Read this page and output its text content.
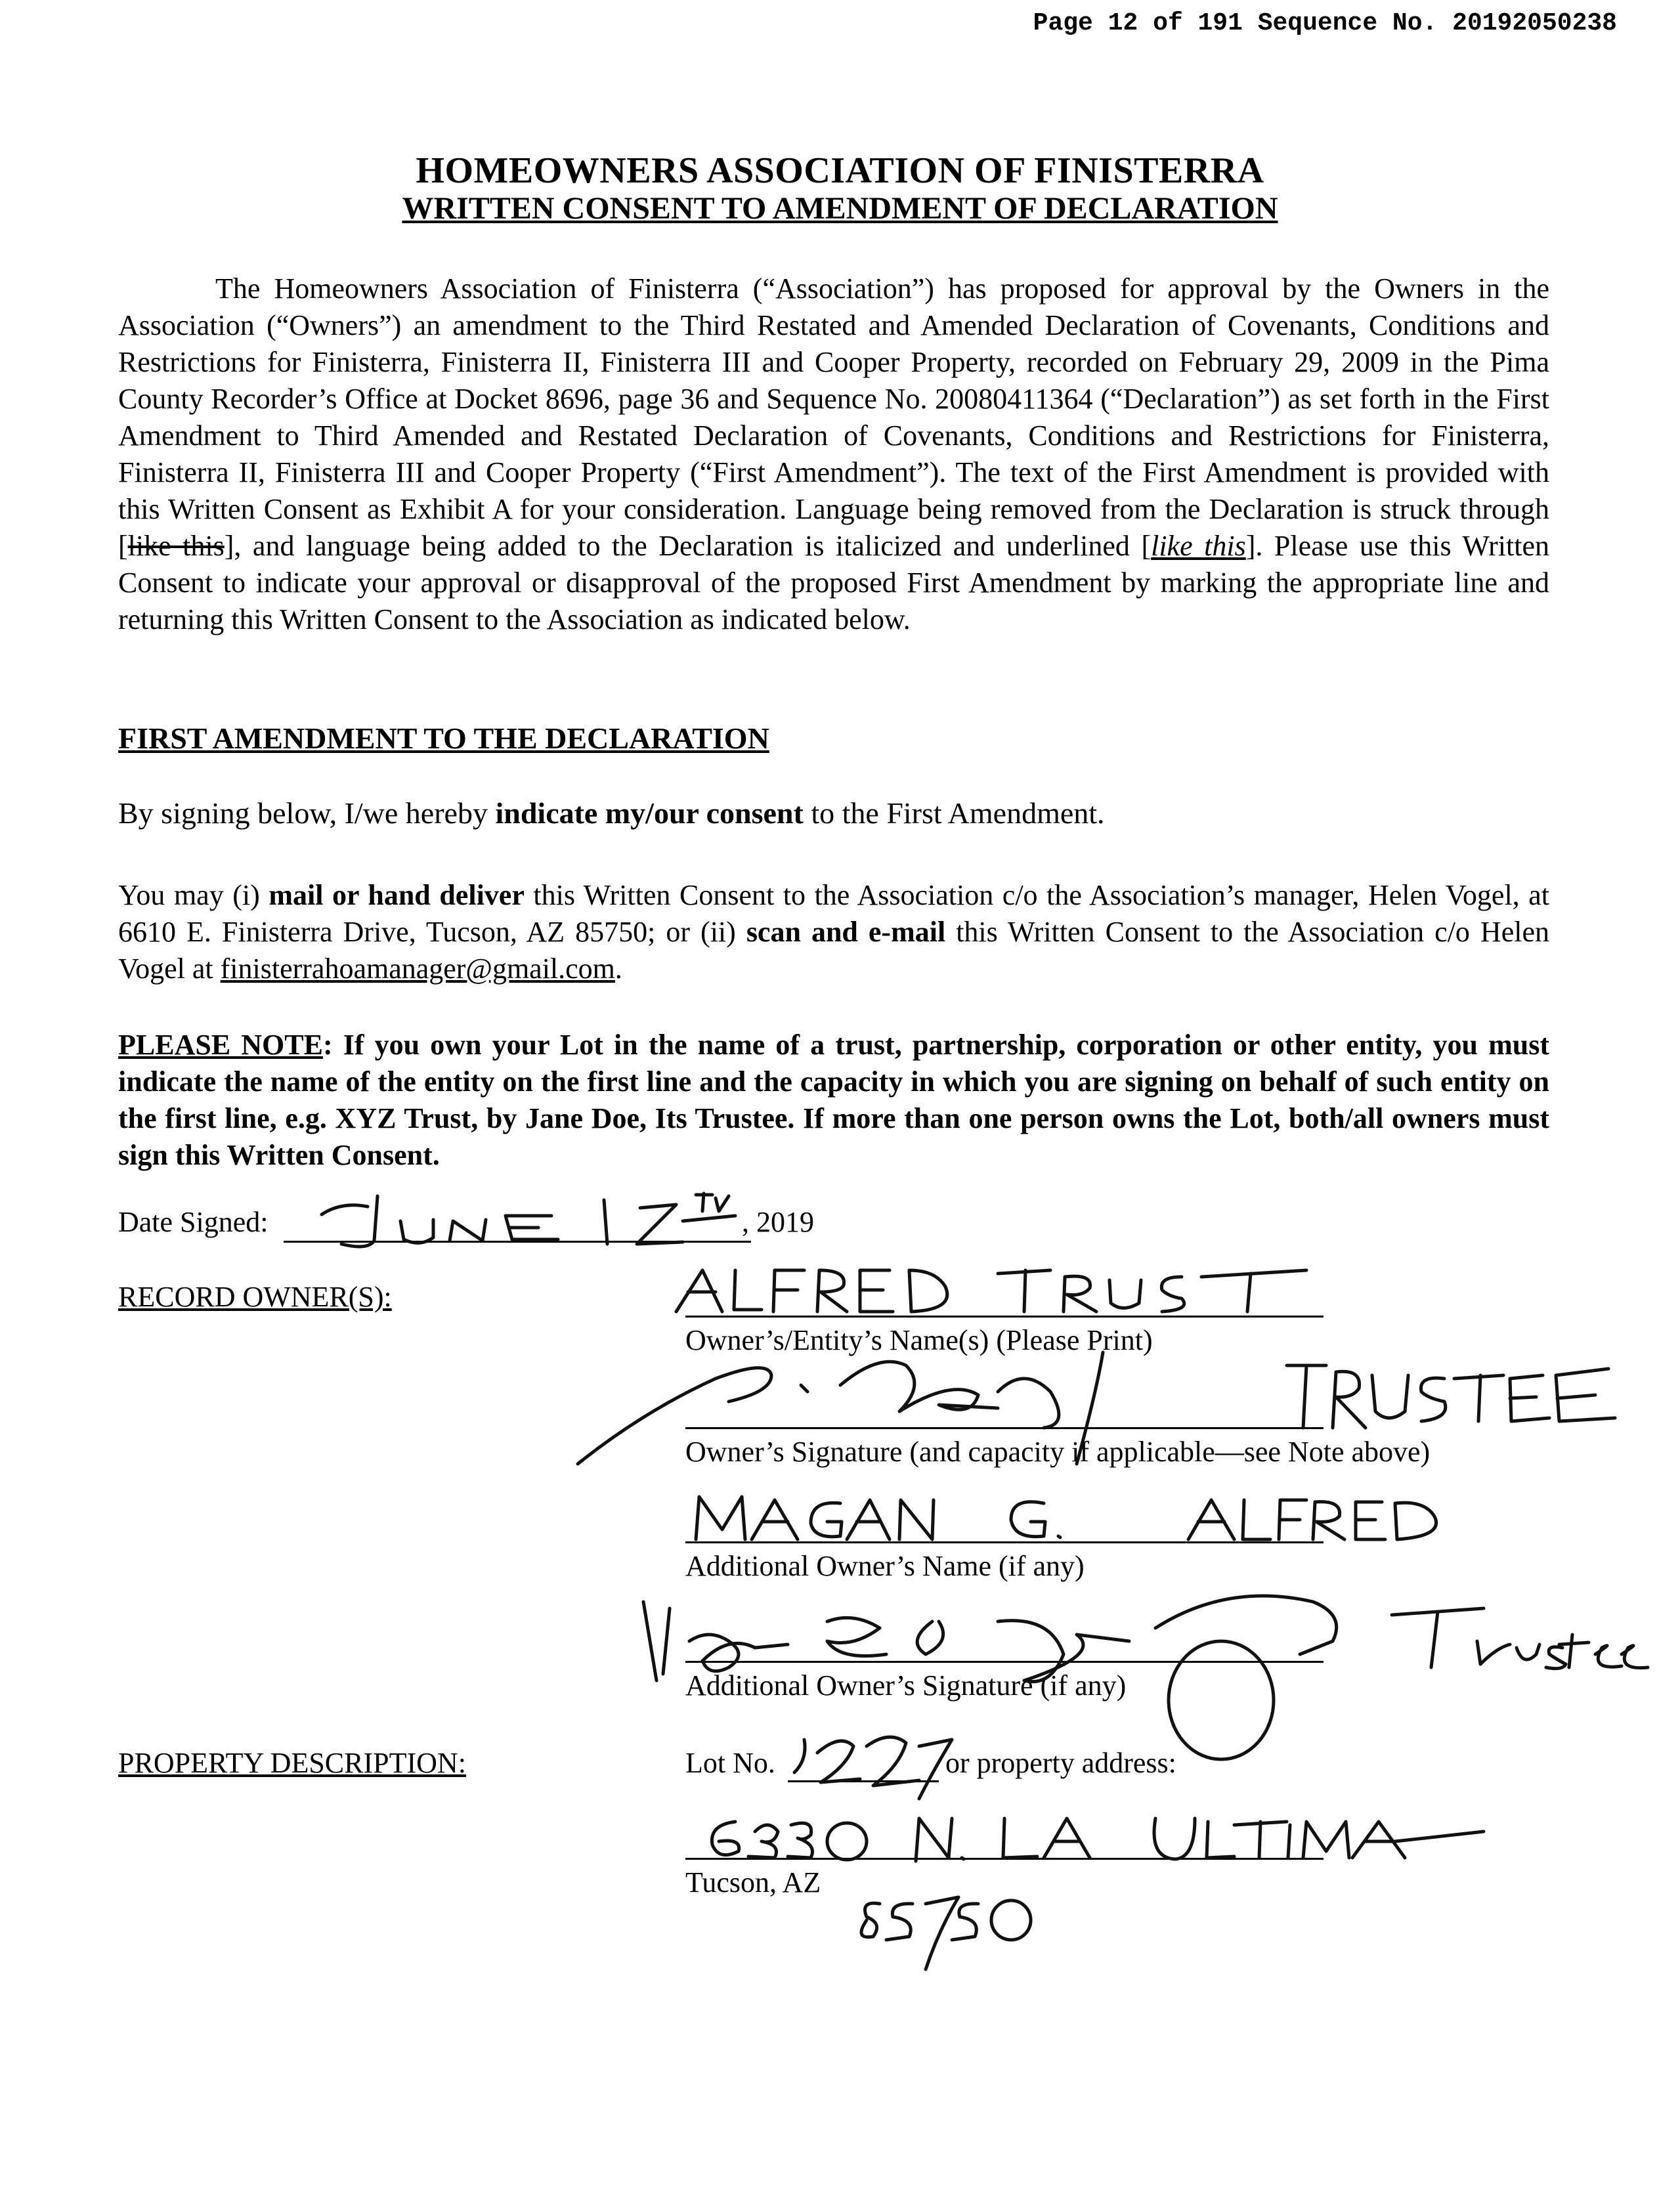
Page 12 of 191 Sequence No. 20192050238
HOMEOWNERS ASSOCIATION OF FINISTERRA
WRITTEN CONSENT TO AMENDMENT OF DECLARATION

The Homeowners Association of Finisterra (“Association”) has proposed for approval by the Owners in the Association (“Owners”) an amendment to the Third Restated and Amended Declaration of Covenants, Conditions and Restrictions for Finisterra, Finisterra II, Finisterra III and Cooper Property, recorded on February 29, 2009 in the Pima County Recorder’s Office at Docket 8696, page 36 and Sequence No. 20080411364 (“Declaration”) as set forth in the First Amendment to Third Amended and Restated Declaration of Covenants, Conditions and Restrictions for Finisterra, Finisterra II, Finisterra III and Cooper Property (“First Amendment”). The text of the First Amendment is provided with this Written Consent as Exhibit A for your consideration. Language being removed from the Declaration is struck through [like this], and language being added to the Declaration is italicized and underlined [like this]. Please use this Written Consent to indicate your approval or disapproval of the proposed First Amendment by marking the appropriate line and returning this Written Consent to the Association as indicated below.

FIRST AMENDMENT TO THE DECLARATION
By signing below, I/we hereby indicate my/our consent to the First Amendment.

You may (i) mail or hand deliver this Written Consent to the Association c/o the Association’s manager, Helen Vogel, at 6610 E. Finisterra Drive, Tucson, AZ 85750; or (ii) scan and e-mail this Written Consent to the Association c/o Helen Vogel at finisterrahoamanager@gmail.com.

PLEASE NOTE: If you own your Lot in the name of a trust, partnership, corporation or other entity, you must indicate the name of the entity on the first line and the capacity in which you are signing on behalf of such entity on the first line, e.g. XYZ Trust, by Jane Doe, Its Trustee. If more than one person owns the Lot, both/all owners must sign this Written Consent.

Date Signed:	, 2019
RECORD OWNER(S):
Owner’s/Entity’s Name(s) (Please Print)
Owner’s Signature (and capacity if applicable—see Note above)
Additional Owner’s Name (if any)
Additional Owner’s Signature (if any)
PROPERTY DESCRIPTION:	Lot No.	or property address:
Tucson, AZ
